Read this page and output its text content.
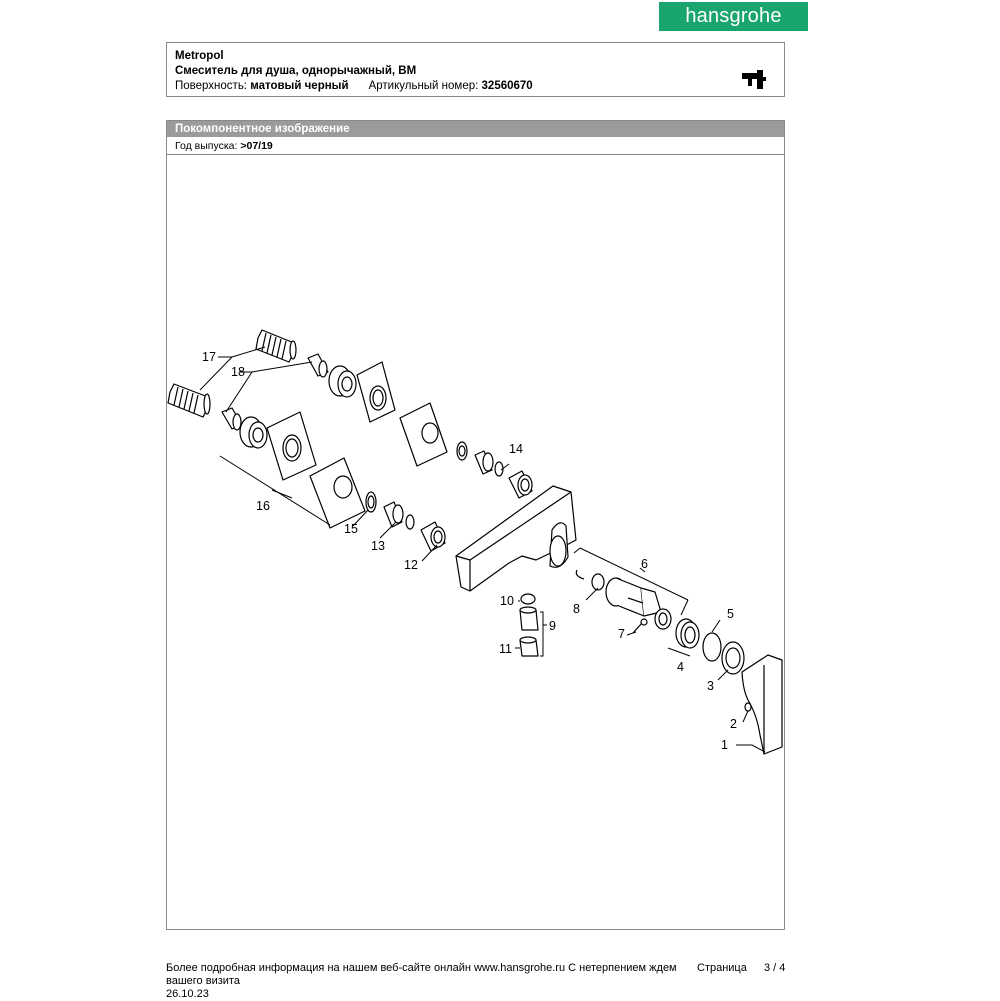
hansgrohe
Metropol
Смеситель для душа, однорычажный, ВМ
Поверхность: матовый черный Артикульный номер: 32560670
Покомпонентное изображение
Год выпуска: >07/19
17
18
16
15
13
12
14
6
8
7
10
9
11
5
4
3
2
1
Более подробная информация на нашем веб-сайте онлайн www.hansgrohe.ru С нетерпением ждем Страница 3 / 4
вашего визита
26.10.23
